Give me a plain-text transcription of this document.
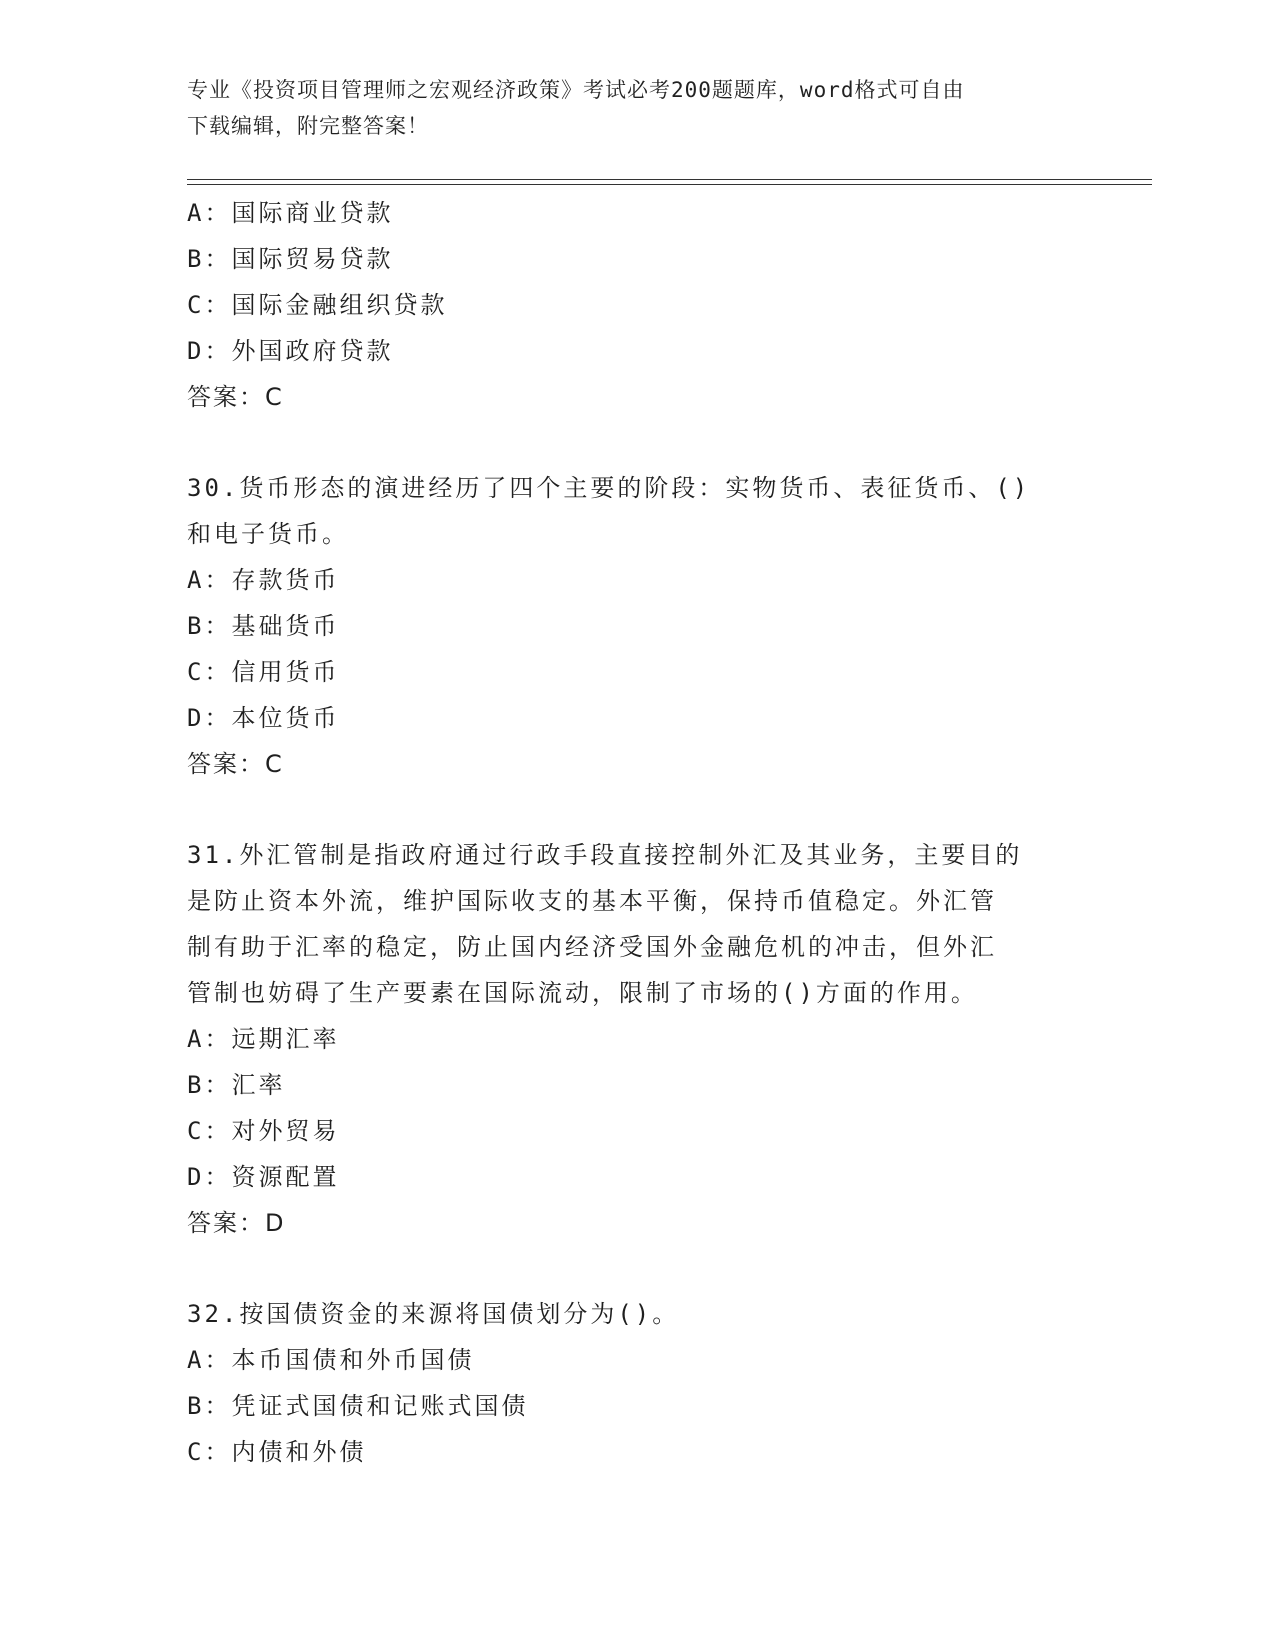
专业《投资项目管理师之宏观经济政策》考试必考200题题库，word格式可自由
下载编辑，附完整答案！
A：国际商业贷款
B：国际贸易贷款
C：国际金融组织贷款
D：外国政府贷款
答案：C
30.货币形态的演进经历了四个主要的阶段：实物货币、表征货币、()
和电子货币。
A：存款货币
B：基础货币
C：信用货币
D：本位货币
答案：C
31.外汇管制是指政府通过行政手段直接控制外汇及其业务，主要目的
是防止资本外流，维护国际收支的基本平衡，保持币值稳定。外汇管
制有助于汇率的稳定，防止国内经济受国外金融危机的冲击，但外汇
管制也妨碍了生产要素在国际流动，限制了市场的()方面的作用。
A：远期汇率
B：汇率
C：对外贸易
D：资源配置
答案：D
32.按国债资金的来源将国债划分为()。
A：本币国债和外币国债
B：凭证式国债和记账式国债
C：内债和外债
